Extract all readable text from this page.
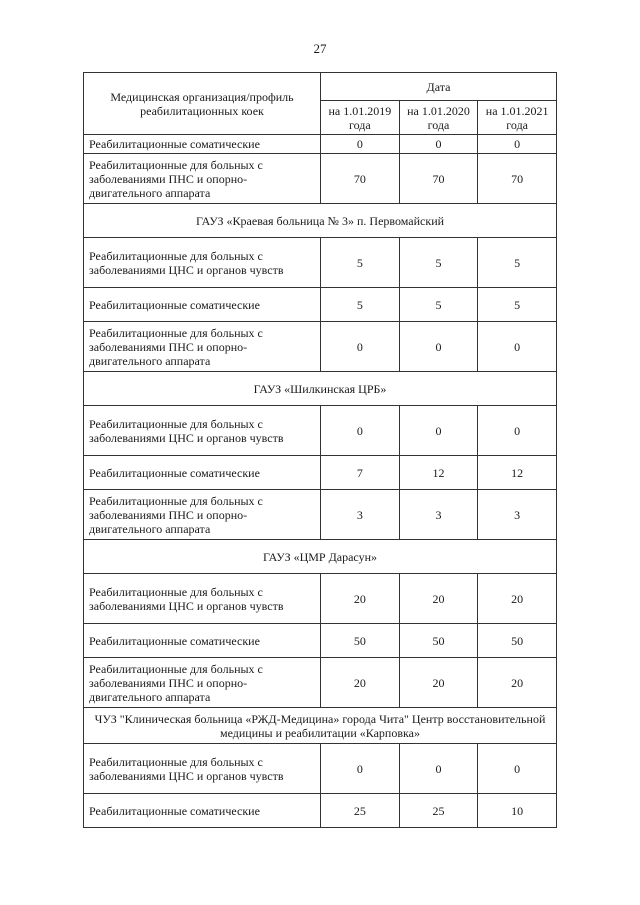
27
Медицинская организация/профиль реабилитационных коек	Дата		
	на 1.01.2019 года	на 1.01.2020 года	на 1.01.2021 года
Реабилитационные соматические	0	0	0
Реабилитационные для больных с заболеваниями ПНС и опорно-двигательного аппарата	70	70	70
ГАУЗ «Краевая больница № 3» п. Первомайский			
Реабилитационные для больных с заболеваниями ЦНС и органов чувств	5	5	5
Реабилитационные соматические	5	5	5
Реабилитационные для больных с заболеваниями ПНС и опорно-двигательного аппарата	0	0	0
ГАУЗ «Шилкинская ЦРБ»			
Реабилитационные для больных с заболеваниями ЦНС и органов чувств	0	0	0
Реабилитационные соматические	7	12	12
Реабилитационные для больных с заболеваниями ПНС и опорно-двигательного аппарата	3	3	3
ГАУЗ «ЦМР Дарасун»			
Реабилитационные для больных с заболеваниями ЦНС и органов чувств	20	20	20
Реабилитационные соматические	50	50	50
Реабилитационные для больных с заболеваниями ПНС и опорно-двигательного аппарата	20	20	20
ЧУЗ "Клиническая больница «РЖД-Медицина» города Чита" Центр восстановительной медицины и реабилитации «Карповка»			
Реабилитационные для больных с заболеваниями ЦНС и органов чувств	0	0	0
Реабилитационные соматические	25	25	10
